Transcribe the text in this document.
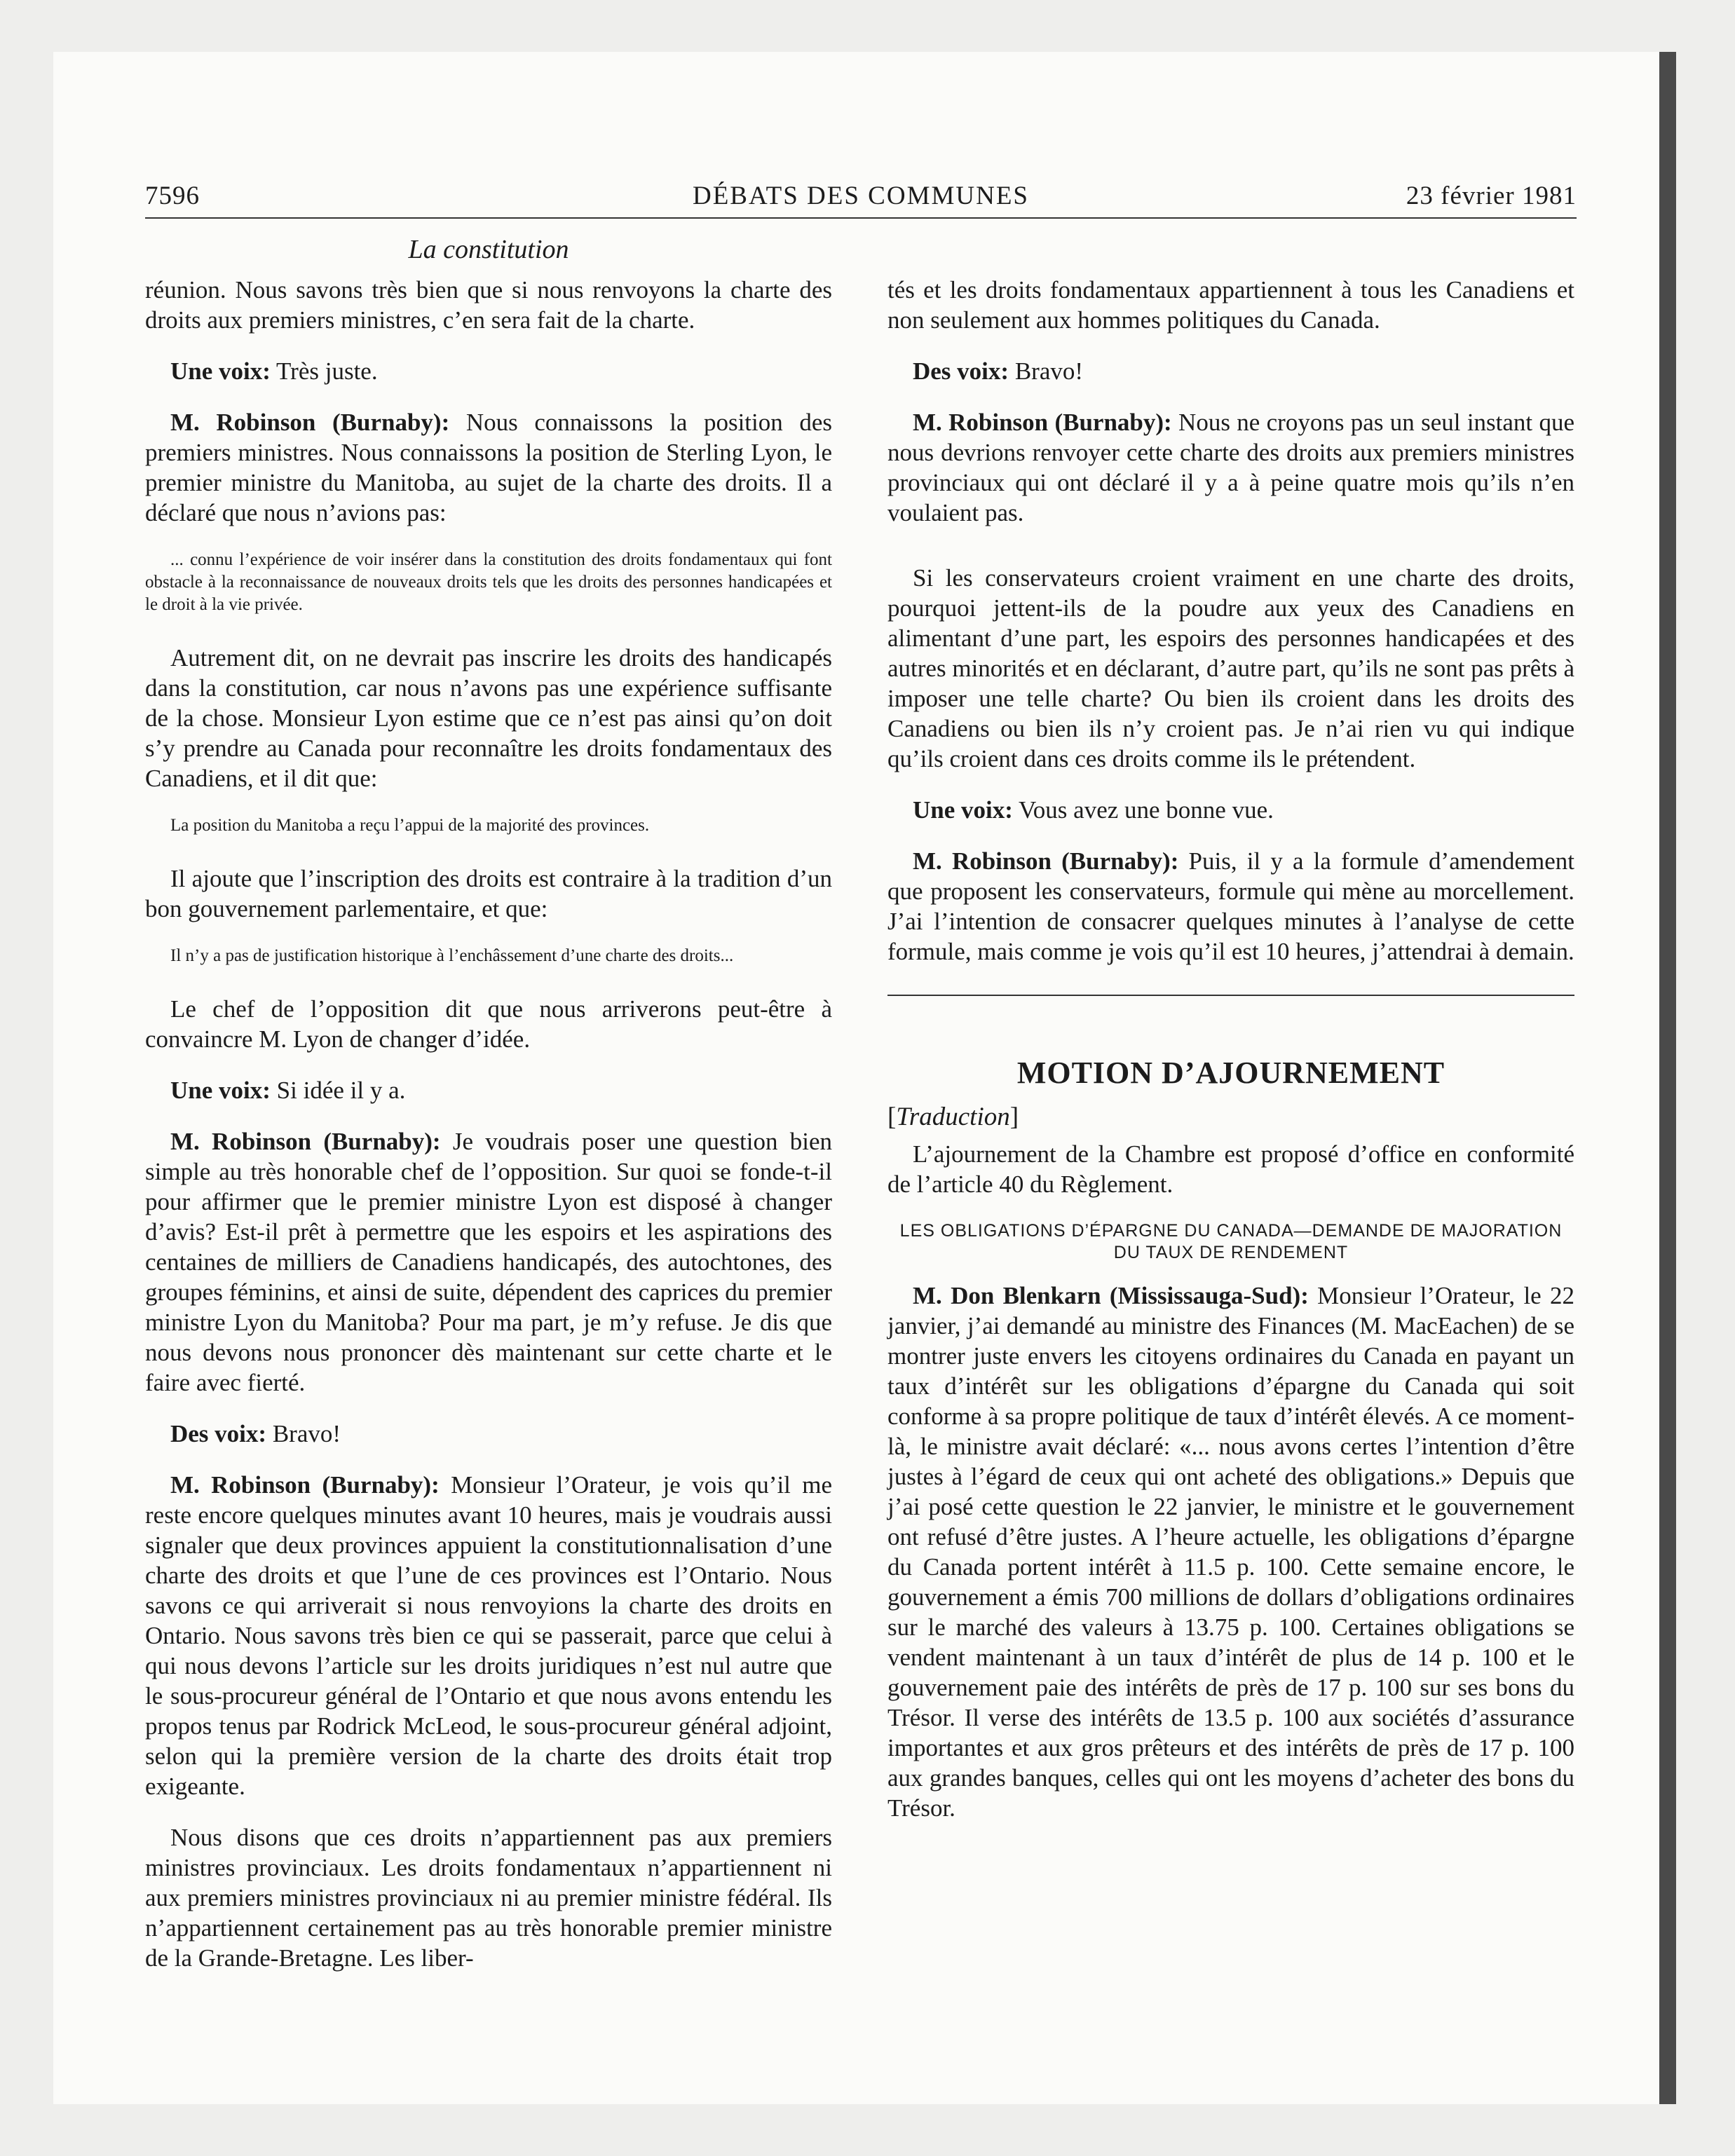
7596	DÉBATS DES COMMUNES	23 février 1981
La constitution

réunion. Nous savons très bien que si nous renvoyons la charte des droits aux premiers ministres, c’en sera fait de la charte.

Une voix: Très juste.

M. Robinson (Burnaby): Nous connaissons la position des premiers ministres. Nous connaissons la position de Sterling Lyon, le premier ministre du Manitoba, au sujet de la charte des droits. Il a déclaré que nous n’avions pas:

... connu l’expérience de voir insérer dans la constitution des droits fondamentaux qui font obstacle à la reconnaissance de nouveaux droits tels que les droits des personnes handicapées et le droit à la vie privée.

Autrement dit, on ne devrait pas inscrire les droits des handicapés dans la constitution, car nous n’avons pas une expérience suffisante de la chose. Monsieur Lyon estime que ce n’est pas ainsi qu’on doit s’y prendre au Canada pour reconnaître les droits fondamentaux des Canadiens, et il dit que:

La position du Manitoba a reçu l’appui de la majorité des provinces.

Il ajoute que l’inscription des droits est contraire à la tradition d’un bon gouvernement parlementaire, et que:

Il n’y a pas de justification historique à l’enchâssement d’une charte des droits...

Le chef de l’opposition dit que nous arriverons peut-être à convaincre M. Lyon de changer d’idée.

Une voix: Si idée il y a.

M. Robinson (Burnaby): Je voudrais poser une question bien simple au très honorable chef de l’opposition. Sur quoi se fonde-t-il pour affirmer que le premier ministre Lyon est disposé à changer d’avis? Est-il prêt à permettre que les espoirs et les aspirations des centaines de milliers de Canadiens handicapés, des autochtones, des groupes féminins, et ainsi de suite, dépendent des caprices du premier ministre Lyon du Manitoba? Pour ma part, je m’y refuse. Je dis que nous devons nous prononcer dès maintenant sur cette charte et le faire avec fierté.

Des voix: Bravo!

M. Robinson (Burnaby): Monsieur l’Orateur, je vois qu’il me reste encore quelques minutes avant 10 heures, mais je voudrais aussi signaler que deux provinces appuient la constitutionnalisation d’une charte des droits et que l’une de ces provinces est l’Ontario. Nous savons ce qui arriverait si nous renvoyions la charte des droits en Ontario. Nous savons très bien ce qui se passerait, parce que celui à qui nous devons l’article sur les droits juridiques n’est nul autre que le sous-procureur général de l’Ontario et que nous avons entendu les propos tenus par Rodrick McLeod, le sous-procureur général adjoint, selon qui la première version de la charte des droits était trop exigeante.

Nous disons que ces droits n’appartiennent pas aux premiers ministres provinciaux. Les droits fondamentaux n’appartiennent ni aux premiers ministres provinciaux ni au premier ministre fédéral. Ils n’appartiennent certainement pas au très honorable premier ministre de la Grande-Bretagne. Les liber-

tés et les droits fondamentaux appartiennent à tous les Canadiens et non seulement aux hommes politiques du Canada.

Des voix: Bravo!

M. Robinson (Burnaby): Nous ne croyons pas un seul instant que nous devrions renvoyer cette charte des droits aux premiers ministres provinciaux qui ont déclaré il y a à peine quatre mois qu’ils n’en voulaient pas.

Si les conservateurs croient vraiment en une charte des droits, pourquoi jettent-ils de la poudre aux yeux des Canadiens en alimentant d’une part, les espoirs des personnes handicapées et des autres minorités et en déclarant, d’autre part, qu’ils ne sont pas prêts à imposer une telle charte? Ou bien ils croient dans les droits des Canadiens ou bien ils n’y croient pas. Je n’ai rien vu qui indique qu’ils croient dans ces droits comme ils le prétendent.

Une voix: Vous avez une bonne vue.

M. Robinson (Burnaby): Puis, il y a la formule d’amendement que proposent les conservateurs, formule qui mène au morcellement. J’ai l’intention de consacrer quelques minutes à l’analyse de cette formule, mais comme je vois qu’il est 10 heures, j’attendrai à demain.

MOTION D’AJOURNEMENT
[Traduction]

L’ajournement de la Chambre est proposé d’office en conformité de l’article 40 du Règlement.

LES OBLIGATIONS D’ÉPARGNE DU CANADA—DEMANDE DE MAJORATION DU TAUX DE RENDEMENT

M. Don Blenkarn (Mississauga-Sud): Monsieur l’Orateur, le 22 janvier, j’ai demandé au ministre des Finances (M. MacEachen) de se montrer juste envers les citoyens ordinaires du Canada en payant un taux d’intérêt sur les obligations d’épargne du Canada qui soit conforme à sa propre politique de taux d’intérêt élevés. A ce moment-là, le ministre avait déclaré: «... nous avons certes l’intention d’être justes à l’égard de ceux qui ont acheté des obligations.» Depuis que j’ai posé cette question le 22 janvier, le ministre et le gouvernement ont refusé d’être justes. A l’heure actuelle, les obligations d’épargne du Canada portent intérêt à 11.5 p. 100. Cette semaine encore, le gouvernement a émis 700 millions de dollars d’obligations ordinaires sur le marché des valeurs à 13.75 p. 100. Certaines obligations se vendent maintenant à un taux d’intérêt de plus de 14 p. 100 et le gouvernement paie des intérêts de près de 17 p. 100 sur ses bons du Trésor. Il verse des intérêts de 13.5 p. 100 aux sociétés d’assurance importantes et aux gros prêteurs et des intérêts de près de 17 p. 100 aux grandes banques, celles qui ont les moyens d’acheter des bons du Trésor.
